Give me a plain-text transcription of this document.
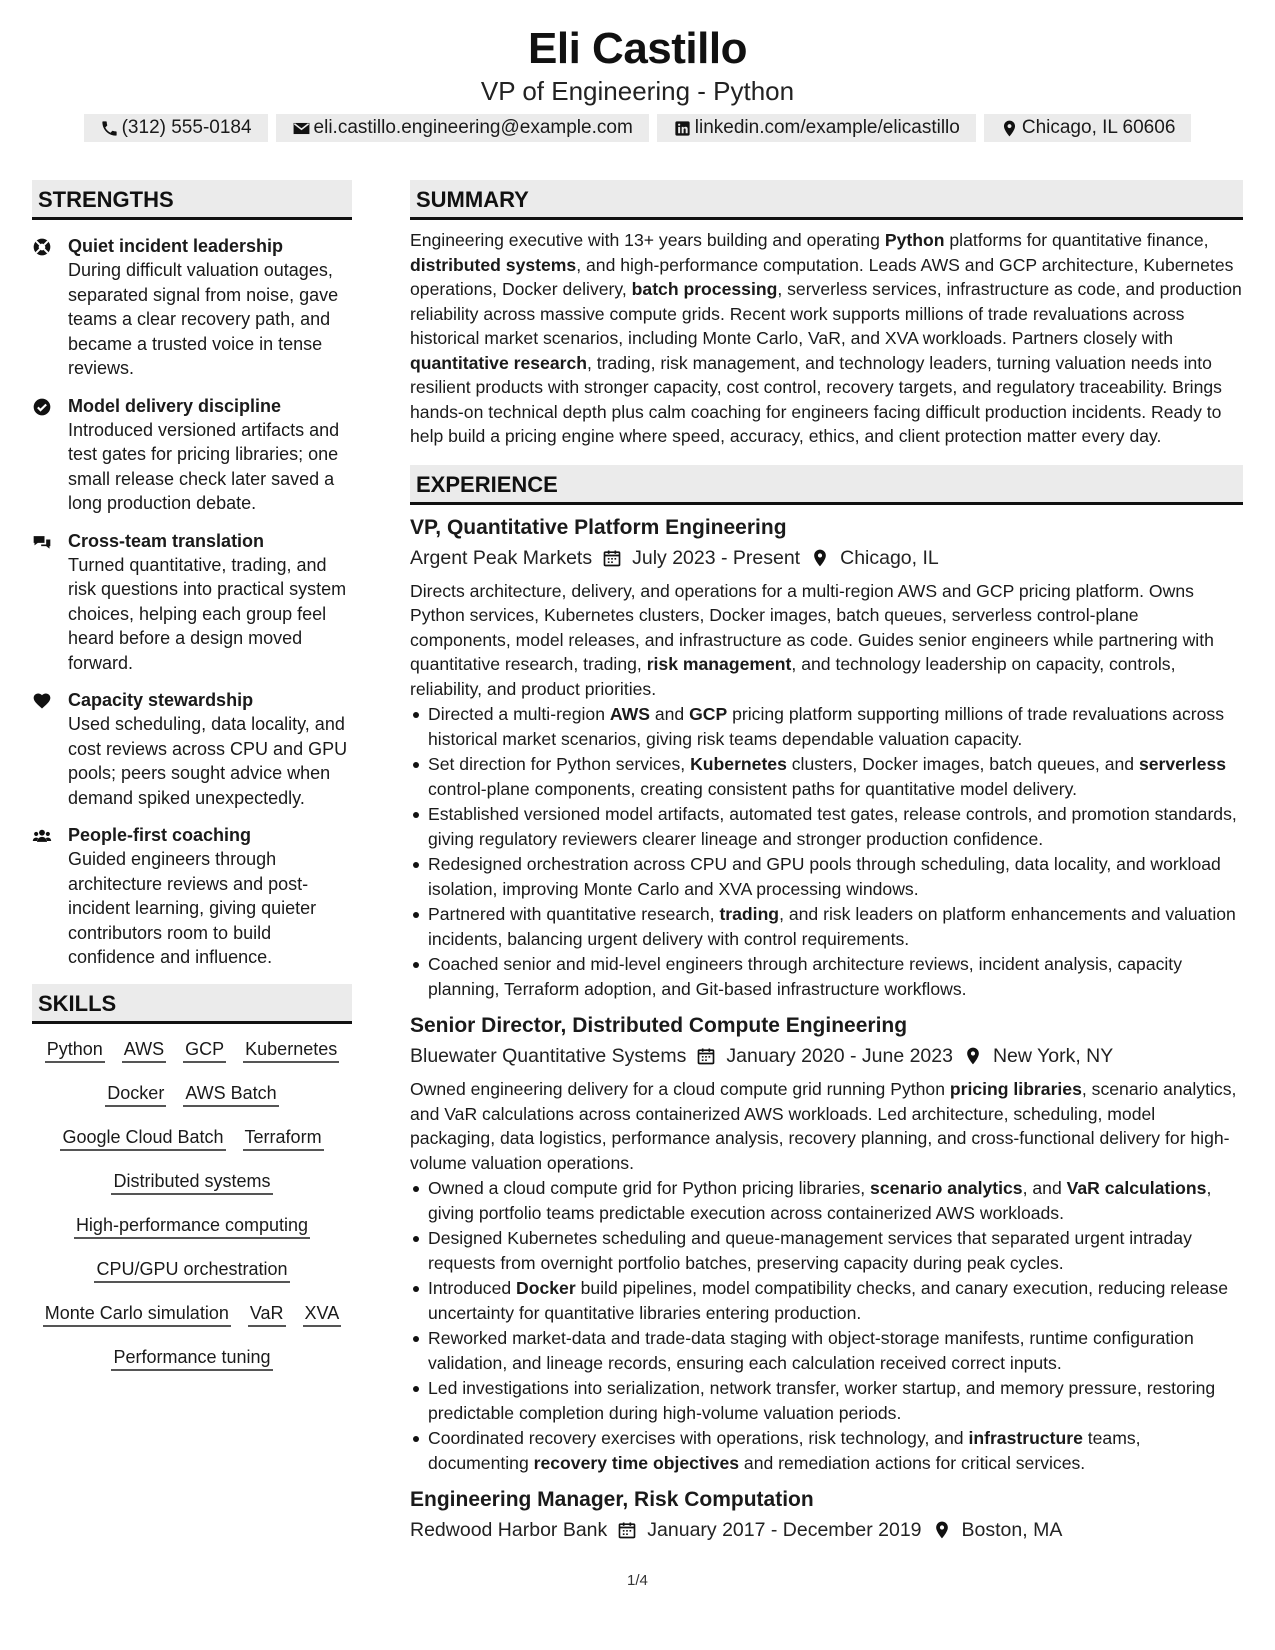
Eli Castillo
VP of Engineering - Python
(312) 555-0184	eli.castillo.engineering@example.com	linkedin.com/example/elicastillo	Chicago, IL 60606
STRENGTHS
Quiet incident leadership
During difficult valuation outages, separated signal from noise, gave teams a clear recovery path, and became a trusted voice in tense reviews.
Model delivery discipline
Introduced versioned artifacts and test gates for pricing libraries; one small release check later saved a long production debate.
Cross-team translation
Turned quantitative, trading, and risk questions into practical system choices, helping each group feel heard before a design moved forward.
Capacity stewardship
Used scheduling, data locality, and cost reviews across CPU and GPU pools; peers sought advice when demand spiked unexpectedly.
People-first coaching
Guided engineers through architecture reviews and post-incident learning, giving quieter contributors room to build confidence and influence.
SKILLS
Python AWS GCP Kubernetes
Docker AWS Batch
Google Cloud Batch Terraform
Distributed systems
High-performance computing
CPU/GPU orchestration
Monte Carlo simulation VaR XVA
Performance tuning
SUMMARY

Engineering executive with 13+ years building and operating Python platforms for quantitative finance, distributed systems, and high-performance computation. Leads AWS and GCP architecture, Kubernetes operations, Docker delivery, batch processing, serverless services, infrastructure as code, and production reliability across massive compute grids. Recent work supports millions of trade revaluations across historical market scenarios, including Monte Carlo, VaR, and XVA workloads. Partners closely with quantitative research, trading, risk management, and technology leaders, turning valuation needs into resilient products with stronger capacity, cost control, recovery targets, and regulatory traceability. Brings hands-on technical depth plus calm coaching for engineers facing difficult production incidents. Ready to help build a pricing engine where speed, accuracy, ethics, and client protection matter every day.

EXPERIENCE
VP, Quantitative Platform Engineering
Argent Peak Markets July 2023 - Present Chicago, IL

Directs architecture, delivery, and operations for a multi-region AWS and GCP pricing platform. Owns Python services, Kubernetes clusters, Docker images, batch queues, serverless control-plane components, model releases, and infrastructure as code. Guides senior engineers while partnering with quantitative research, trading, risk management, and technology leadership on capacity, controls, reliability, and product priorities.

Directed a multi-region AWS and GCP pricing platform supporting millions of trade revaluations across historical market scenarios, giving risk teams dependable valuation capacity.
Set direction for Python services, Kubernetes clusters, Docker images, batch queues, and serverless control-plane components, creating consistent paths for quantitative model delivery.
Established versioned model artifacts, automated test gates, release controls, and promotion standards, giving regulatory reviewers clearer lineage and stronger production confidence.
Redesigned orchestration across CPU and GPU pools through scheduling, data locality, and workload isolation, improving Monte Carlo and XVA processing windows.
Partnered with quantitative research, trading, and risk leaders on platform enhancements and valuation incidents, balancing urgent delivery with control requirements.
Coached senior and mid-level engineers through architecture reviews, incident analysis, capacity planning, Terraform adoption, and Git-based infrastructure workflows.
Senior Director, Distributed Compute Engineering
Bluewater Quantitative Systems January 2020 - June 2023 New York, NY

Owned engineering delivery for a cloud compute grid running Python pricing libraries, scenario analytics, and VaR calculations across containerized AWS workloads. Led architecture, scheduling, model packaging, data logistics, performance analysis, recovery planning, and cross-functional delivery for high-volume valuation operations.

Owned a cloud compute grid for Python pricing libraries, scenario analytics, and VaR calculations, giving portfolio teams predictable execution across containerized AWS workloads.
Designed Kubernetes scheduling and queue-management services that separated urgent intraday requests from overnight portfolio batches, preserving capacity during peak cycles.
Introduced Docker build pipelines, model compatibility checks, and canary execution, reducing release uncertainty for quantitative libraries entering production.
Reworked market-data and trade-data staging with object-storage manifests, runtime configuration validation, and lineage records, ensuring each calculation received correct inputs.
Led investigations into serialization, network transfer, worker startup, and memory pressure, restoring predictable completion during high-volume valuation periods.
Coordinated recovery exercises with operations, risk technology, and infrastructure teams, documenting recovery time objectives and remediation actions for critical services.
Engineering Manager, Risk Computation
Redwood Harbor Bank January 2017 - December 2019 Boston, MA
1/4
